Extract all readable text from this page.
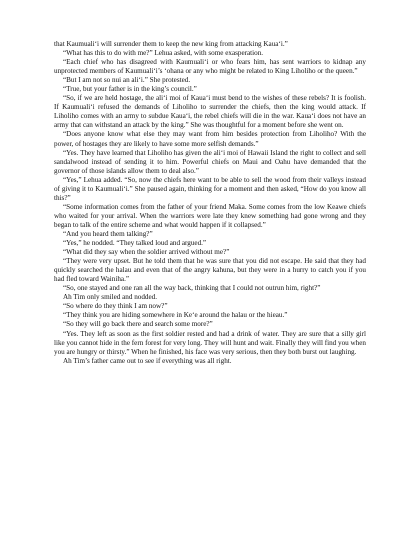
that Kaumuali‘i will surrender them to keep the new king from attacking Kaua‘i.”

“What has this to do with me?” Lehua asked, with some exasperation.

“Each chief who has disagreed with Kaumuali‘i or who fears him, has sent warriors to kidnap any unprotected members of Kaumuali‘i’s ‘ohana or any who might be related to King Liholiho or the queen.”

“But I am not so nui an ali‘i.” She protested.

“True, but your father is in the king’s council.”

“So, if we are held hostage, the ali‘i moi of Kaua‘i must bend to the wishes of these rebels? It is foolish. If Kaumuali‘i refused the demands of Liholiho to surrender the chiefs, then the king would attack. If Liholiho comes with an army to subdue Kaua‘i, the rebel chiefs will die in the war. Kaua‘i does not have an army that can withstand an attack by the king.” She was thoughtful for a moment before she went on.

“Does anyone know what else they may want from him besides protection from Liholiho? With the power, of hostages they are likely to have some more selfish demands.”

“Yes. They have learned that Liholiho has given the ali‘i moi of Hawaii Island the right to collect and sell sandalwood instead of sending it to him. Powerful chiefs on Maui and Oahu have demanded that the governor of those islands allow them to deal also.”

“Yes,” Lehua added. “So, now the chiefs here want to be able to sell the wood from their valleys instead of giving it to Kaumuali‘i.” She paused again, thinking for a moment and then asked, “How do you know all this?”

“Some information comes from the father of your friend Maka. Some comes from the low Keawe chiefs who waited for your arrival. When the warriors were late they knew something had gone wrong and they began to talk of the entire scheme and what would happen if it collapsed.”

“And you heard them talking?”

“Yes,” he nodded. “They talked loud and argued.”

“What did they say when the soldier arrived without me?”

“They were very upset. But he told them that he was sure that you did not escape. He said that they had quickly searched the halau and even that of the angry kahuna, but they were in a hurry to catch you if you had fled toward Wainiha.”

“So, one stayed and one ran all the way back, thinking that I could not outrun him, right?”

Ah Tim only smiled and nodded.

“So where do they think I am now?”

“They think you are hiding somewhere in Ke‘e around the halau or the hieau.”

“So they will go back there and search some more?”

“Yes. They left as soon as the first soldier rested and had a drink of water. They are sure that a silly girl like you cannot hide in the fern forest for very long. They will hunt and wait. Finally they will find you when you are hungry or thirsty.” When he finished, his face was very serious, then they both burst out laughing.

Ah Tim’s father came out to see if everything was all right.
